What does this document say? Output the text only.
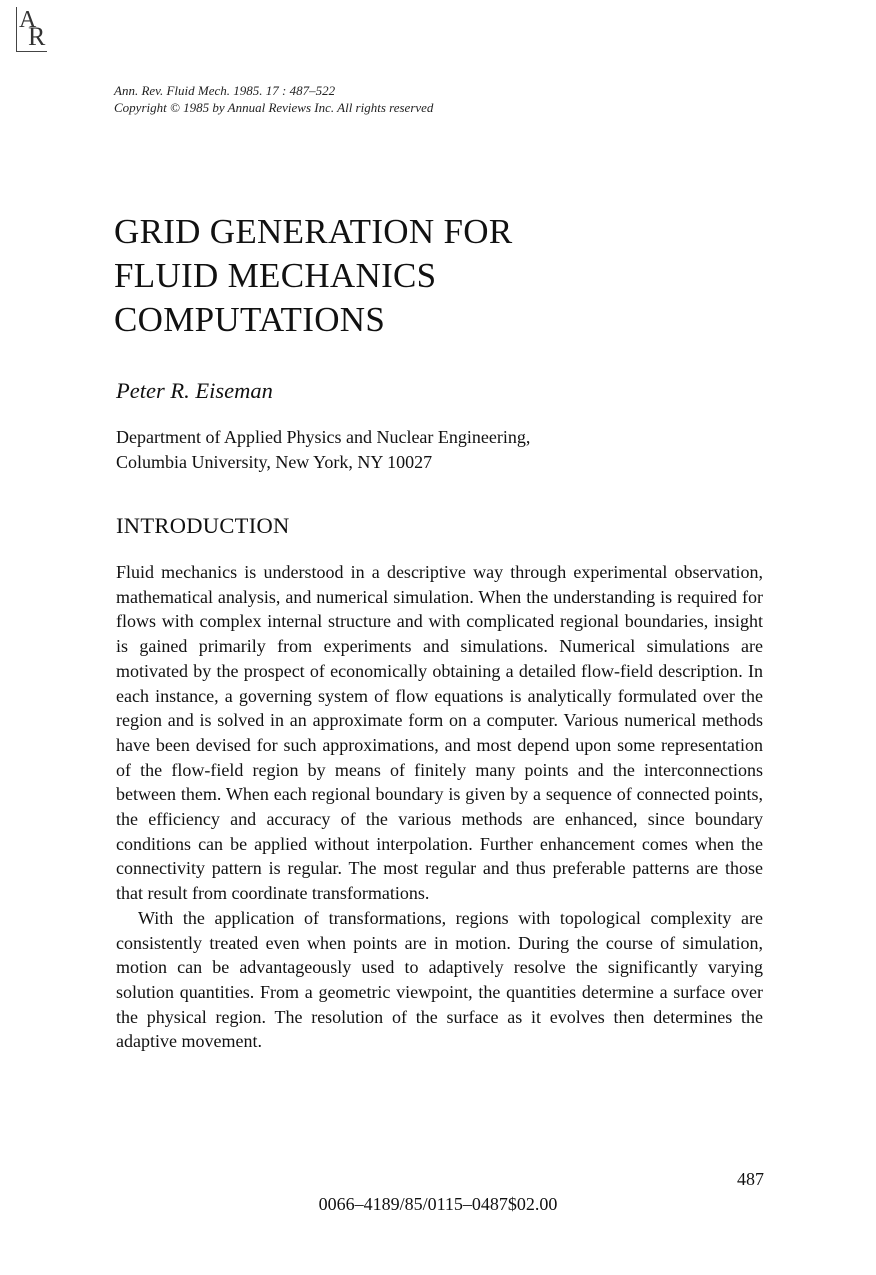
A
R
Ann. Rev. Fluid Mech. 1985. 17 : 487–522
Copyright © 1985 by Annual Reviews Inc. All rights reserved
GRID GENERATION FOR
FLUID MECHANICS
COMPUTATIONS
Peter R. Eiseman
Department of Applied Physics and Nuclear Engineering,
Columbia University, New York, NY 10027
INTRODUCTION

Fluid mechanics is understood in a descriptive way through experimental observation, mathematical analysis, and numerical simulation. When the understanding is required for flows with complex internal structure and with complicated regional boundaries, insight is gained primarily from experiments and simulations. Numerical simulations are motivated by the prospect of economically obtaining a detailed flow-field description. In each instance, a governing system of flow equations is analytically formulated over the region and is solved in an approximate form on a computer. Various numerical methods have been devised for such approximations, and most depend upon some representation of the flow-field region by means of finitely many points and the interconnections between them. When each regional boundary is given by a sequence of connected points, the efficiency and accuracy of the various methods are enhanced, since boundary conditions can be applied without interpolation. Further enhancement comes when the connectivity pattern is regular. The most regular and thus preferable patterns are those that result from coordinate transformations.

With the application of transformations, regions with topological complexity are consistently treated even when points are in motion. During the course of simulation, motion can be advantageously used to adaptively resolve the significantly varying solution quantities. From a geometric viewpoint, the quantities determine a surface over the physical region. The resolution of the surface as it evolves then determines the adaptive movement.

487
0066–4189/85/0115–0487$02.00
